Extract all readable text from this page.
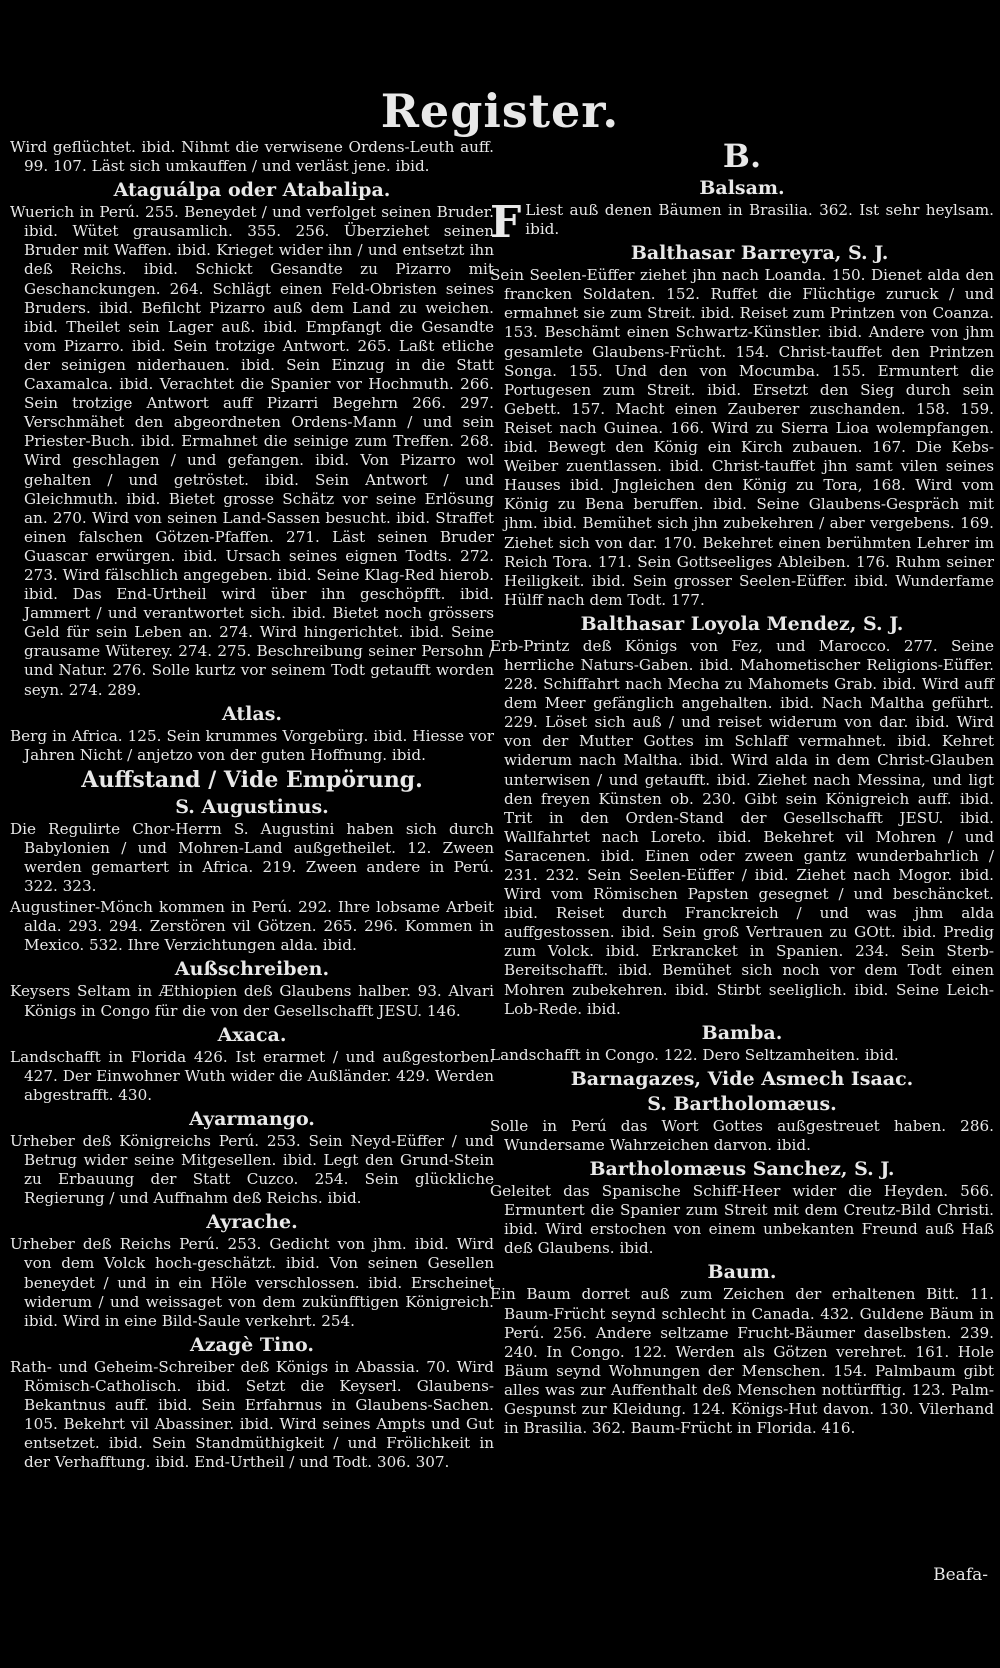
Register.
Wird geflüchtet. ibid. Nihmt die verwisene Ordens-Leuth auff. 99. 107. Läst sich umkauffen / und verläst jene. ibid.
Ataguálpa oder Atabalipa.
Wuerich in Perú. 255. Beneydet / und verfolget seinen Bruder. ibid. Wütet grausamlich. 355. 256. Überziehet seinen Bruder mit Waffen. ibid. Krieget wider ihn / und entsetzt ihn deß Reichs. ibid. Schickt Gesandte zu Pizarro mit Geschanckungen. 264. Schlägt einen Feld-Obristen seines Bruders. ibid. Befilcht Pizarro auß dem Land zu weichen. ibid. Theilet sein Lager auß. ibid. Empfangt die Gesandte vom Pizarro. ibid. Sein trotzige Antwort. 265. Laßt etliche der seinigen niderhauen. ibid. Sein Einzug in die Statt Caxamalca. ibid. Verachtet die Spanier vor Hochmuth. 266. Sein trotzige Antwort auff Pizarri Begehrn 266. 297. Verschmähet den abgeordneten Ordens-Mann / und sein Priester-Buch. ibid. Ermahnet die seinige zum Treffen. 268. Wird geschlagen / und gefangen. ibid. Von Pizarro wol gehalten / und getröstet. ibid. Sein Antwort / und Gleichmuth. ibid. Bietet grosse Schätz vor seine Erlösung an. 270. Wird von seinen Land-Sassen besucht. ibid. Straffet einen falschen Götzen-Pfaffen. 271. Läst seinen Bruder Guascar erwürgen. ibid. Ursach seines eignen Todts. 272. 273. Wird fälschlich angegeben. ibid. Seine Klag-Red hierob. ibid. Das End-Urtheil wird über ihn geschöpfft. ibid. Jammert / und verantwortet sich. ibid. Bietet noch grössers Geld für sein Leben an. 274. Wird hingerichtet. ibid. Seine grausame Wüterey. 274. 275. Beschreibung seiner Persohn / und Natur. 276. Solle kurtz vor seinem Todt getaufft worden seyn. 274. 289.
Atlas.
Berg in Africa. 125. Sein krummes Vorgebürg. ibid. Hiesse vor Jahren Nicht / anjetzo von der guten Hoffnung. ibid.
Auffstand / Vide Empörung.
S. Augustinus.
Die Regulirte Chor-Herrn S. Augustini haben sich durch Babylonien / und Mohren-Land außgetheilet. 12. Zween werden gemartert in Africa. 219. Zween andere in Perú. 322. 323.
Augustiner-Mönch kommen in Perú. 292. Ihre lobsame Arbeit alda. 293. 294. Zerstören vil Götzen. 265. 296. Kommen in Mexico. 532. Ihre Verzichtungen alda. ibid.
Außschreiben.
Keysers Seltam in Æthiopien deß Glaubens halber. 93. Alvari Königs in Congo für die von der Gesellschafft JESU. 146.
Axaca.
Landschafft in Florida 426. Ist erarmet / und außgestorben. 427. Der Einwohner Wuth wider die Außländer. 429. Werden abgestrafft. 430.
Ayarmango.
Urheber deß Königreichs Perú. 253. Sein Neyd-Eüffer / und Betrug wider seine Mitgesellen. ibid. Legt den Grund-Stein zu Erbauung der Statt Cuzco. 254. Sein glückliche Regierung / und Auffnahm deß Reichs. ibid.
Ayrache.
Urheber deß Reichs Perú. 253. Gedicht von jhm. ibid. Wird von dem Volck hoch-geschätzt. ibid. Von seinen Gesellen beneydet / und in ein Höle verschlossen. ibid. Erscheinet widerum / und weissaget von dem zukünfftigen Königreich. ibid. Wird in eine Bild-Saule verkehrt. 254.
Azagè Tino.
Rath- und Geheim-Schreiber deß Königs in Abassia. 70. Wird Römisch-Catholisch. ibid. Setzt die Keyserl. Glaubens-Bekantnus auff. ibid. Sein Erfahrnus in Glaubens-Sachen. 105. Bekehrt vil Abassiner. ibid. Wird seines Ampts und Gut entsetzet. ibid. Sein Standmüthigkeit / und Frölichkeit in der Verhafftung. ibid. End-Urtheil / und Todt. 306. 307.
B.
Balsam.
F Liest auß denen Bäumen in Brasilia. 362. Ist sehr heylsam. ibid.
Balthasar Barreyra, S. J.
Sein Seelen-Eüffer ziehet jhn nach Loanda. 150. Dienet alda den francken Soldaten. 152. Ruffet die Flüchtige zuruck / und ermahnet sie zum Streit. ibid. Reiset zum Printzen von Coanza. 153. Beschämt einen Schwartz-Künstler. ibid. Andere von jhm gesamlete Glaubens-Frücht. 154. Christ-tauffet den Printzen Songa. 155. Und den von Mocumba. 155. Ermuntert die Portugesen zum Streit. ibid. Ersetzt den Sieg durch sein Gebett. 157. Macht einen Zauberer zuschanden. 158. 159. Reiset nach Guinea. 166. Wird zu Sierra Lioa wolempfangen. ibid. Bewegt den König ein Kirch zubauen. 167. Die Kebs-Weiber zuentlassen. ibid. Christ-tauffet jhn samt vilen seines Hauses ibid. Jngleichen den König zu Tora, 168. Wird vom König zu Bena beruffen. ibid. Seine Glaubens-Gespräch mit jhm. ibid. Bemühet sich jhn zubekehren / aber vergebens. 169. Ziehet sich von dar. 170. Bekehret einen berühmten Lehrer im Reich Tora. 171. Sein Gottseeliges Ableiben. 176. Ruhm seiner Heiligkeit. ibid. Sein grosser Seelen-Eüffer. ibid. Wunderfame Hülff nach dem Todt. 177.
Balthasar Loyola Mendez, S. J.
Erb-Printz deß Königs von Fez, und Marocco. 277. Seine herrliche Naturs-Gaben. ibid. Mahometischer Religions-Eüffer. 228. Schiffahrt nach Mecha zu Mahomets Grab. ibid. Wird auff dem Meer gefänglich angehalten. ibid. Nach Maltha geführt. 229. Löset sich auß / und reiset widerum von dar. ibid. Wird von der Mutter Gottes im Schlaff vermahnet. ibid. Kehret widerum nach Maltha. ibid. Wird alda in dem Christ-Glauben unterwisen / und getaufft. ibid. Ziehet nach Messina, und ligt den freyen Künsten ob. 230. Gibt sein Königreich auff. ibid. Trit in den Orden-Stand der Gesellschafft JESU. ibid. Wallfahrtet nach Loreto. ibid. Bekehret vil Mohren / und Saracenen. ibid. Einen oder zween gantz wunderbahrlich / 231. 232. Sein Seelen-Eüffer / ibid. Ziehet nach Mogor. ibid. Wird vom Römischen Papsten gesegnet / und beschäncket. ibid. Reiset durch Franckreich / und was jhm alda auffgestossen. ibid. Sein groß Vertrauen zu GOtt. ibid. Predig zum Volck. ibid. Erkrancket in Spanien. 234. Sein Sterb-Bereitschafft. ibid. Bemühet sich noch vor dem Todt einen Mohren zubekehren. ibid. Stirbt seeliglich. ibid. Seine Leich-Lob-Rede. ibid.
Bamba.
Landschafft in Congo. 122. Dero Seltzamheiten. ibid.
Barnagazes, Vide Asmech Isaac.
S. Bartholomæus.
Solle in Perú das Wort Gottes außgestreuet haben. 286. Wundersame Wahrzeichen darvon. ibid.
Bartholomæus Sanchez, S. J.
Geleitet das Spanische Schiff-Heer wider die Heyden. 566. Ermuntert die Spanier zum Streit mit dem Creutz-Bild Christi. ibid. Wird erstochen von einem unbekanten Freund auß Haß deß Glaubens. ibid.
Baum.
Ein Baum dorret auß zum Zeichen der erhaltenen Bitt. 11. Baum-Frücht seynd schlecht in Canada. 432. Guldene Bäum in Perú. 256. Andere seltzame Frucht-Bäumer daselbsten. 239. 240. In Congo. 122. Werden als Götzen verehret. 161. Hole Bäum seynd Wohnungen der Menschen. 154. Palmbaum gibt alles was zur Auffenthalt deß Menschen nottürfftig. 123. Palm-Gespunst zur Kleidung. 124. Königs-Hut davon. 130. Vilerhand in Brasilia. 362. Baum-Frücht in Florida. 416.
Beafa-
